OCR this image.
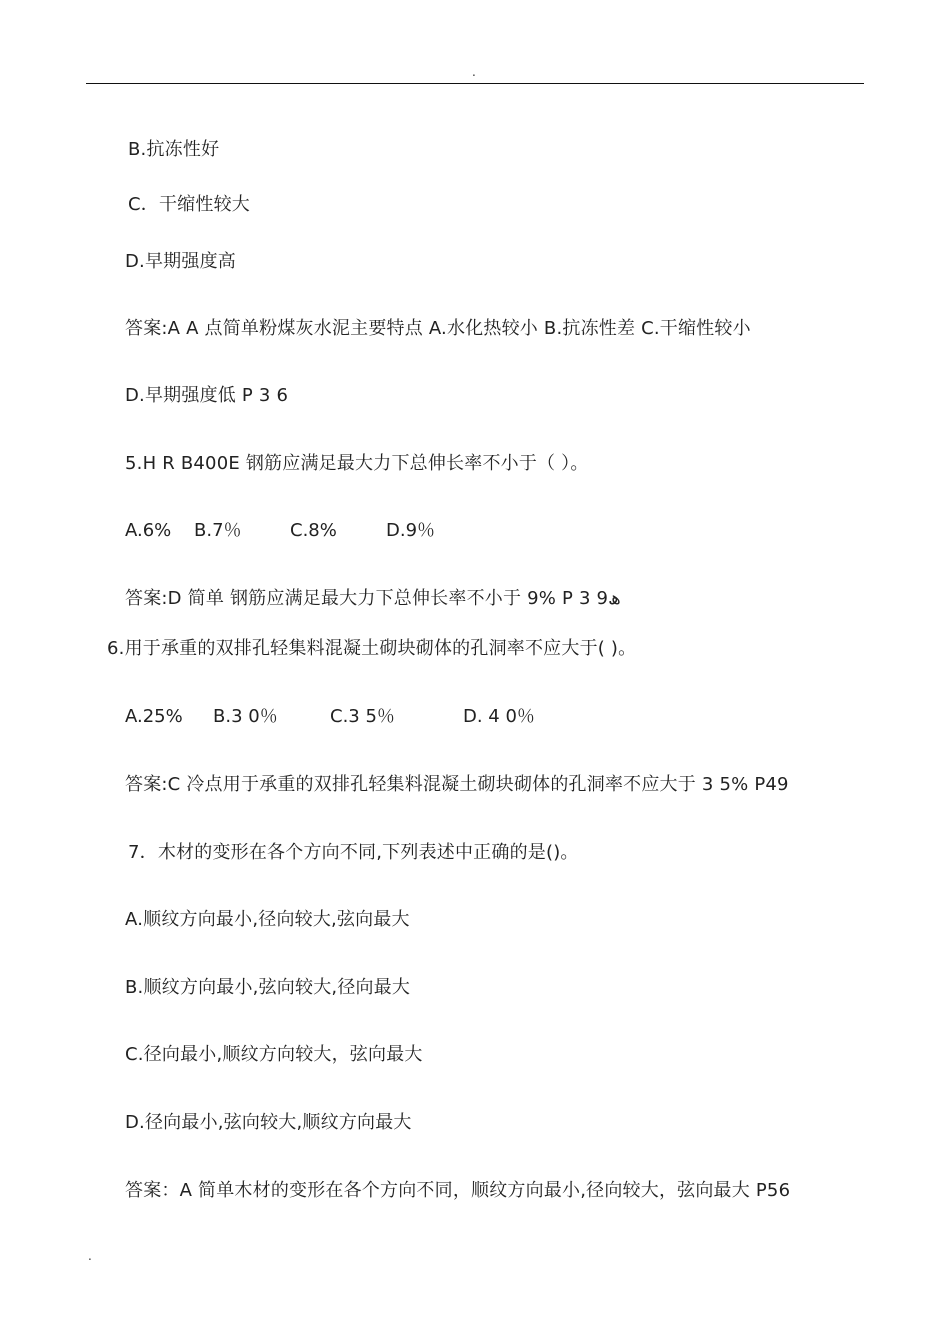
.
B.抗冻性好
C．干缩性较大
D.早期强度高
答案:A A 点简单粉煤灰水泥主要特点 A.水化热较小 B.抗冻性差 C.干缩性较小
D.早期强度低 P 3 6
5.H R B400E 钢筋应满足最大力下总伸长率不小于（ ）。
A.6% B.7％	C.8%	D.9％
答案:D 简单 钢筋应满足最大力下总伸长率不小于 9% P 3 9ھ
6.用于承重的双排孔轻集料混凝土砌块砌体的孔洞率不应大于( )。
A.25% B.3 0％	C.3 5％	D. 4 0％
答案:C 冷点用于承重的双排孔轻集料混凝土砌块砌体的孔洞率不应大于 3 5% P49
7．木材的变形在各个方向不同,下列表述中正确的是()。
A.顺纹方向最小,径向较大,弦向最大
B.顺纹方向最小,弦向较大,径向最大
C.径向最小,顺纹方向较大，弦向最大
D.径向最小,弦向较大,顺纹方向最大
答案：A 简单木材的变形在各个方向不同，顺纹方向最小,径向较大，弦向最大 P56
.
